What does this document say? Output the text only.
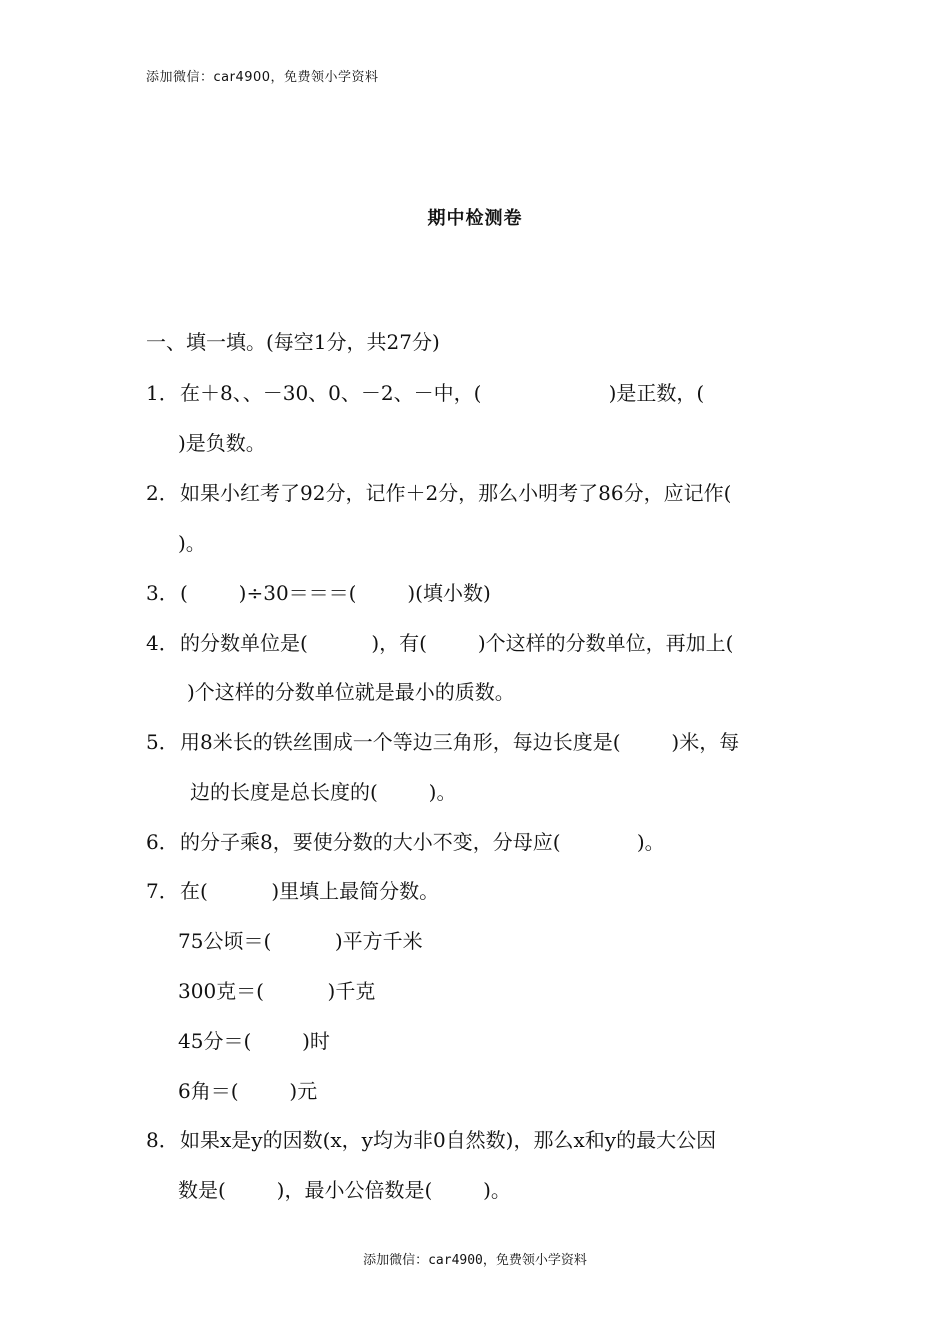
添加微信：car4900，免费领小学资料
期中检测卷
一、填一填。(每空1分，共27分)
1．在＋8、、－30、0、－2、－中，(                    )是正数，(
)是负数。
2．如果小红考了92分，记作＋2分，那么小明考了86分，应记作(
)。
3．(        )÷30＝＝＝(        )(填小数)
4．的分数单位是(          )，有(        )个这样的分数单位，再加上(
)个这样的分数单位就是最小的质数。
5．用8米长的铁丝围成一个等边三角形，每边长度是(        )米，每
边的长度是总长度的(        )。
6．的分子乘8，要使分数的大小不变，分母应(            )。
7．在(          )里填上最简分数。
75公顷＝(          )平方千米
300克＝(          )千克
45分＝(        )时
6角＝(        )元
8．如果x是y的因数(x，y均为非0自然数)，那么x和y的最大公因
数是(        )，最小公倍数是(        )。
添加微信：car4900，免费领小学资料
